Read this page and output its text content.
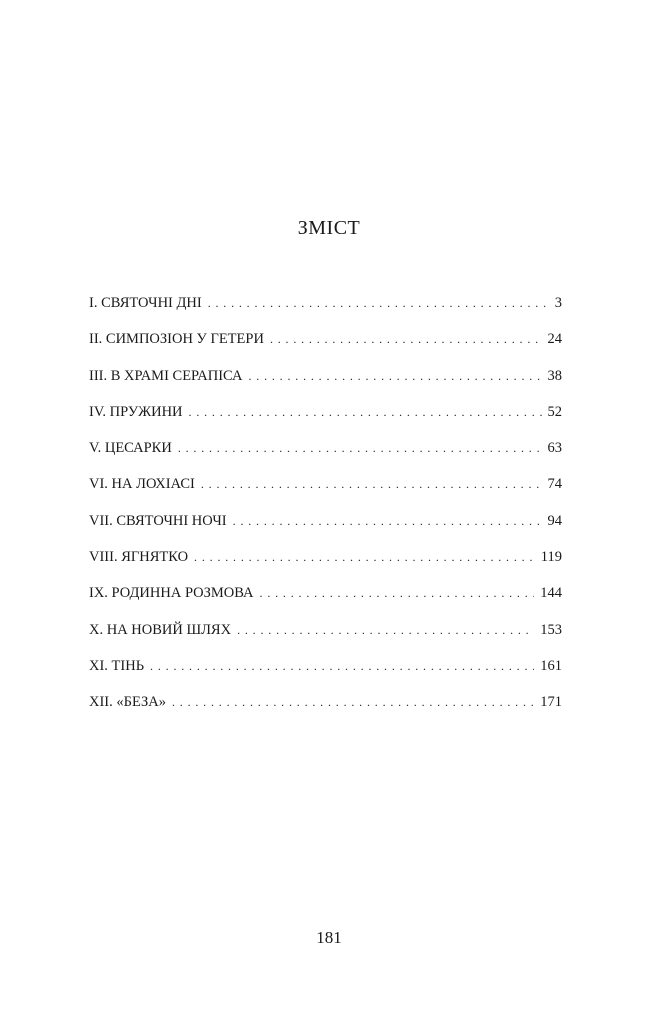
ЗМІСТ
I. СВЯТОЧНІ ДНІ . . .	3
II. СИМПОЗІОН У ГЕТЕРИ . . .	24
III. В ХРАМІ СЕРАПІСА . . .	38
IV. ПРУЖИНИ . . .	52
V. ЦЕСАРКИ . . .	63
VI. НА ЛОХІАСІ . . .	74
VII. СВЯТОЧНІ НОЧІ . . .	94
VIII. ЯГНЯТКО . . .	119
IX. РОДИННА РОЗМОВА . . .	144
X. НА НОВИЙ ШЛЯХ . . .	153
XI. ТІНЬ . . .	161
XII. «БЕЗА» . . .	171
181
